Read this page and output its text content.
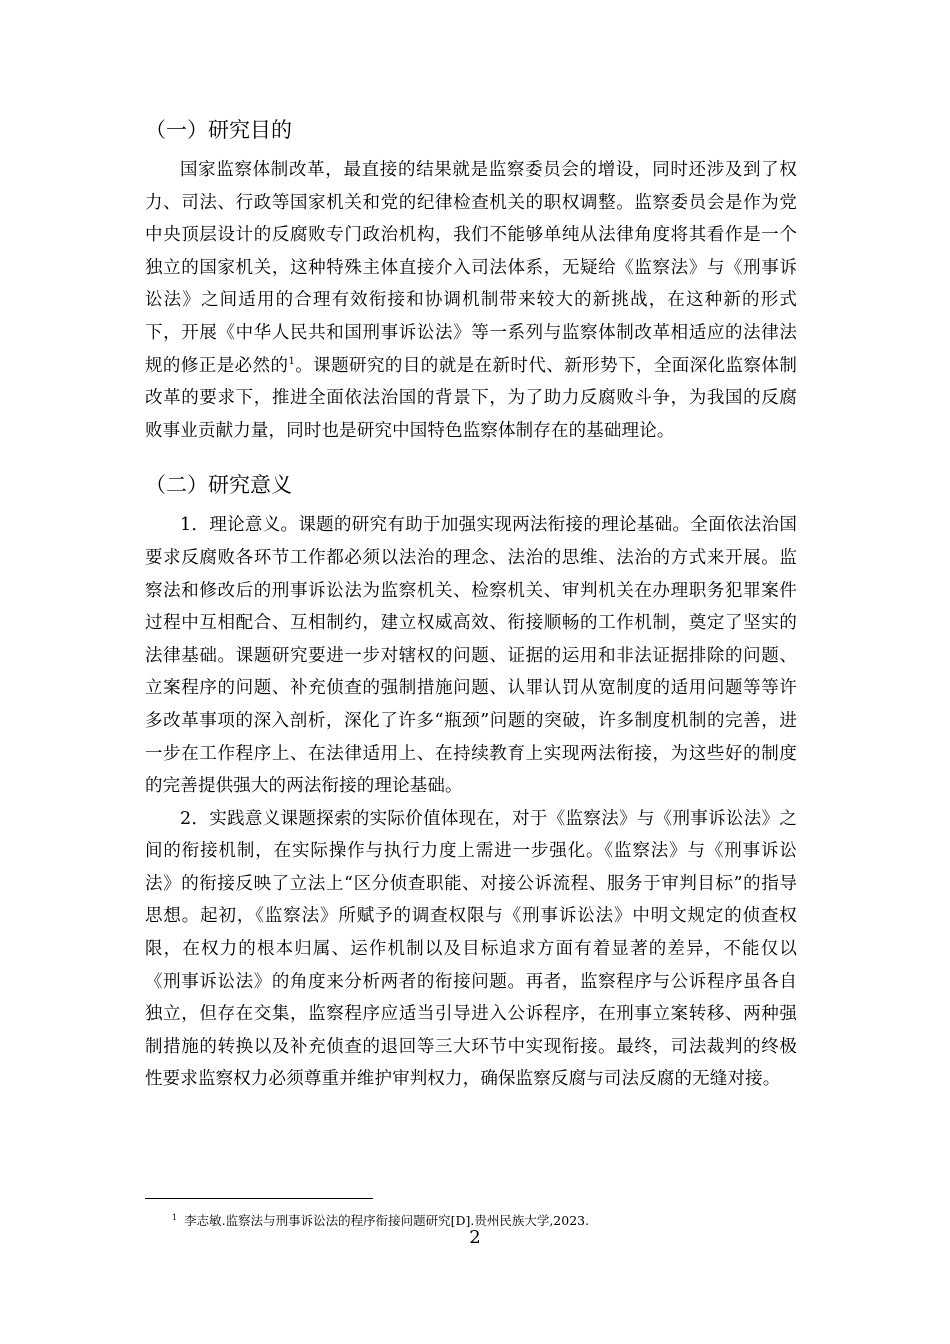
（一）研究目的

国家监察体制改革，最直接的结果就是监察委员会的增设，同时还涉及到了权力、司法、行政等国家机关和党的纪律检查机关的职权调整。监察委员会是作为党中央顶层设计的反腐败专门政治机构，我们不能够单纯从法律角度将其看作是一个独立的国家机关，这种特殊主体直接介入司法体系，无疑给《监察法》与《刑事诉讼法》之间适用的合理有效衔接和协调机制带来较大的新挑战，在这种新的形式下，开展《中华人民共和国刑事诉讼法》等一系列与监察体制改革相适应的法律法规的修正是必然的$^1$。课题研究的目的就是在新时代、新形势下，全面深化监察体制改革的要求下，推进全面依法治国的背景下，为了助力反腐败斗争，为我国的反腐败事业贡献力量，同时也是研究中国特色监察体制存在的基础理论。

（二）研究意义

1．理论意义。课题的研究有助于加强实现两法衔接的理论基础。全面依法治国要求反腐败各环节工作都必须以法治的理念、法治的思维、法治的方式来开展。监察法和修改后的刑事诉讼法为监察机关、检察机关、审判机关在办理职务犯罪案件过程中互相配合、互相制约，建立权威高效、衔接顺畅的工作机制，奠定了坚实的法律基础。课题研究要进一步对辖权的问题、证据的运用和非法证据排除的问题、立案程序的问题、补充侦查的强制措施问题、认罪认罚从宽制度的适用问题等等许多改革事项的深入剖析，深化了许多“瓶颈”问题的突破，许多制度机制的完善，进一步在工作程序上、在法律适用上、在持续教育上实现两法衔接，为这些好的制度的完善提供强大的两法衔接的理论基础。

2．实践意义课题探索的实际价值体现在，对于《监察法》与《刑事诉讼法》之间的衔接机制，在实际操作与执行力度上需进一步强化。《监察法》与《刑事诉讼法》的衔接反映了立法上“区分侦查职能、对接公诉流程、服务于审判目标”的指导思想。起初，《监察法》所赋予的调查权限与《刑事诉讼法》中明文规定的侦查权限，在权力的根本归属、运作机制以及目标追求方面有着显著的差异，不能仅以《刑事诉讼法》的角度来分析两者的衔接问题。再者，监察程序与公诉程序虽各自独立，但存在交集，监察程序应适当引导进入公诉程序，在刑事立案转移、两种强制措施的转换以及补充侦查的退回等三大环节中实现衔接。最终，司法裁判的终极性要求监察权力必须尊重并维护审判权力，确保监察反腐与司法反腐的无缝对接。

$^1$ 李志敏.监察法与刑事诉讼法的程序衔接问题研究[D].贵州民族大学,2023.
2
